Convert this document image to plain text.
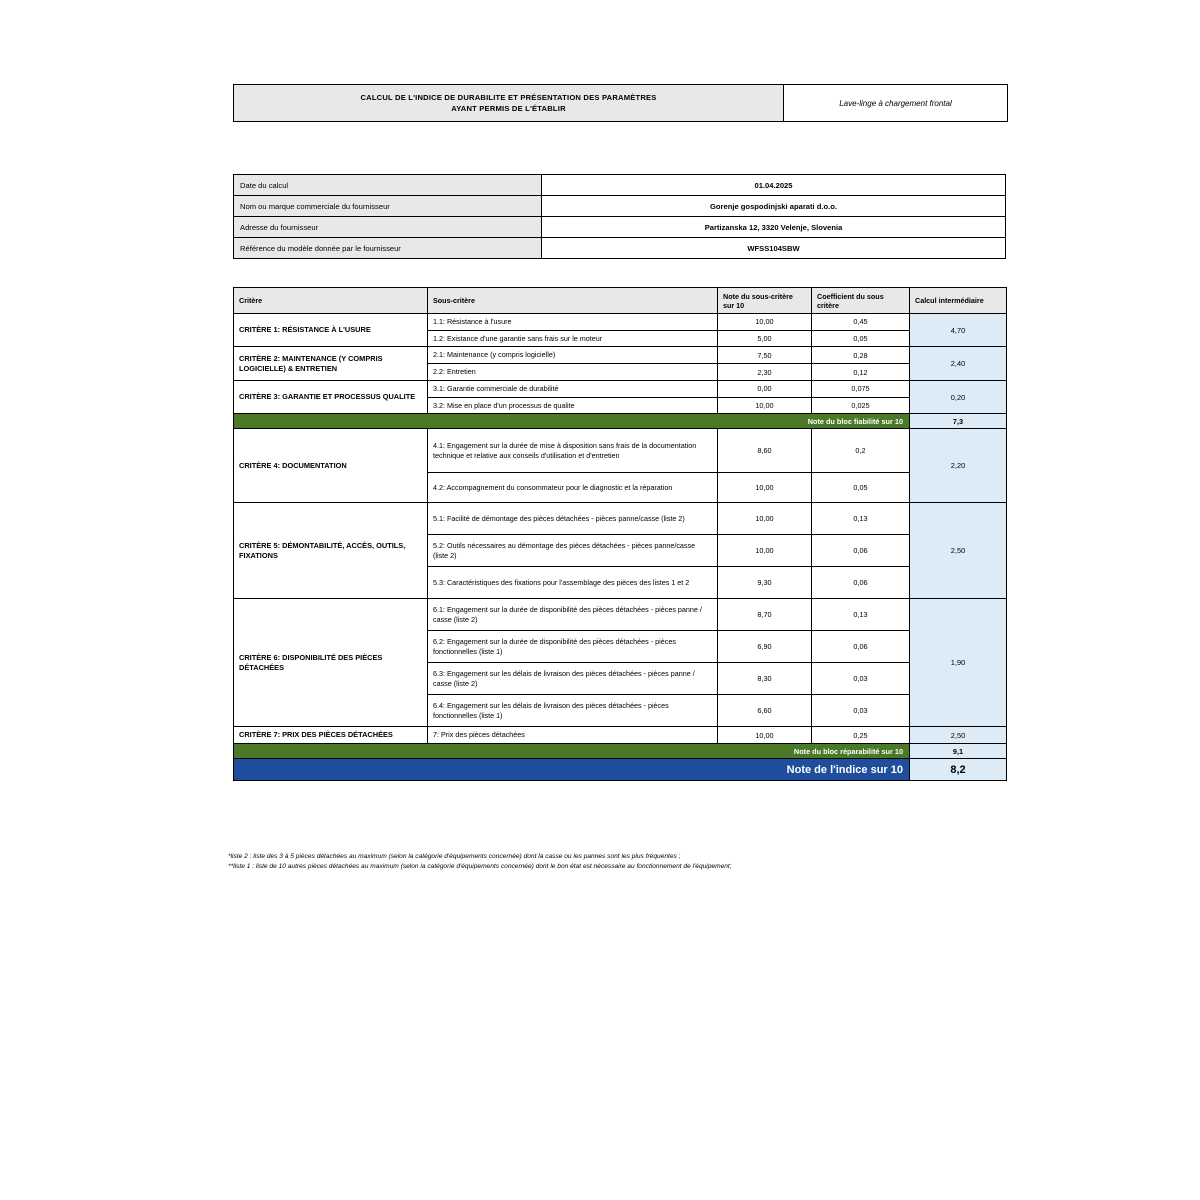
CALCUL DE L'INDICE DE DURABILITE ET PRÉSENTATION DES PARAMÈTRES
AYANT PERMIS DE L'ÉTABLIR
Lave-linge à chargement frontal
Date du calcul	01.04.2025
Nom ou marque commerciale du fournisseur	Gorenje gospodinjski aparati d.o.o.
Adresse du fournisseur	Partizanska 12, 3320 Velenje, Slovenia
Référence du modèle donnée par le fournisseur	WFSS104SBW
Critère	Sous-critère	Note du sous-critère sur 10	Coefficient du sous critère	Calcul intermédiaire
CRITÈRE 1: RÉSISTANCE À L'USURE	1.1: Résistance à l'usure	10,00	0,45	4,70
	1.2: Existance d'une garantie sans frais sur le moteur	5,00	0,05	
CRITÈRE 2: MAINTENANCE (Y COMPRIS LOGICIELLE) & ENTRETIEN	2.1: Maintenance (y compris logicielle)	7,50	0,28	2,40
	2.2: Entretien	2,30	0,12	
CRITÈRE 3: GARANTIE ET PROCESSUS QUALITE	3.1: Garantie commerciale de durabilité	0,00	0,075	0,20
	3.2: Mise en place d'un processus de qualite	10,00	0,025	
Note du bloc fiabilité sur 10				7,3
CRITÈRE 4: DOCUMENTATION	4.1: Engagement sur la durée de mise à disposition sans frais de la documentation technique et relative aux conseils d'utilisation et d'entretien	8,60	0,2	2,20
	4.2: Accompagnement du consommateur pour le diagnostic et la réparation	10,00	0,05	
CRITÈRE 5: DÉMONTABILITÉ, ACCÈS, OUTILS, FIXATIONS	5.1: Facilité de démontage des pièces détachées - pièces panne/casse (liste 2)	10,00	0,13	2,50
	5.2: Outils nécessaires au démontage des pièces détachées - pièces panne/casse (liste 2)	10,00	0,06	
	5.3: Caractéristiques des fixations pour l'assemblage des pièces des listes 1 et 2	9,30	0,06	
CRITÈRE 6: DISPONIBILITÉ DES PIÈCES DÉTACHÉES	6.1: Engagement sur la durée de disponibilité des pièces détachées - pièces panne / casse (liste 2)	8,70	0,13	1,90
	6.2: Engagement sur la durée de disponibilité des pièces détachées - pièces fonctionnelles (liste 1)	6,90	0,06	
	6.3: Engagement sur les délais de livraison des pièces détachées - pièces panne / casse (liste 2)	8,30	0,03	
	6.4: Engagement sur les délais de livraison des pièces détachées - pièces fonctionnelles (liste 1)	6,60	0,03	
CRITÈRE 7: PRIX DES PIÈCES DÉTACHÉES	7: Prix des pièces détachées	10,00	0,25	2,50
Note du bloc réparabilité sur 10				9,1
Note de l'indice sur 10				8,2
*liste 2 : liste des 3 à 5 pièces détachées au maximum (selon la catégorie d'équipements concernée) dont la casse ou les pannes sont les plus fréquentes ;
**liste 1 : liste de 10 autres pièces détachées au maximum (selon la catégorie d'équipements concernée) dont le bon état est nécessaire au fonctionnement de l'équipement;
